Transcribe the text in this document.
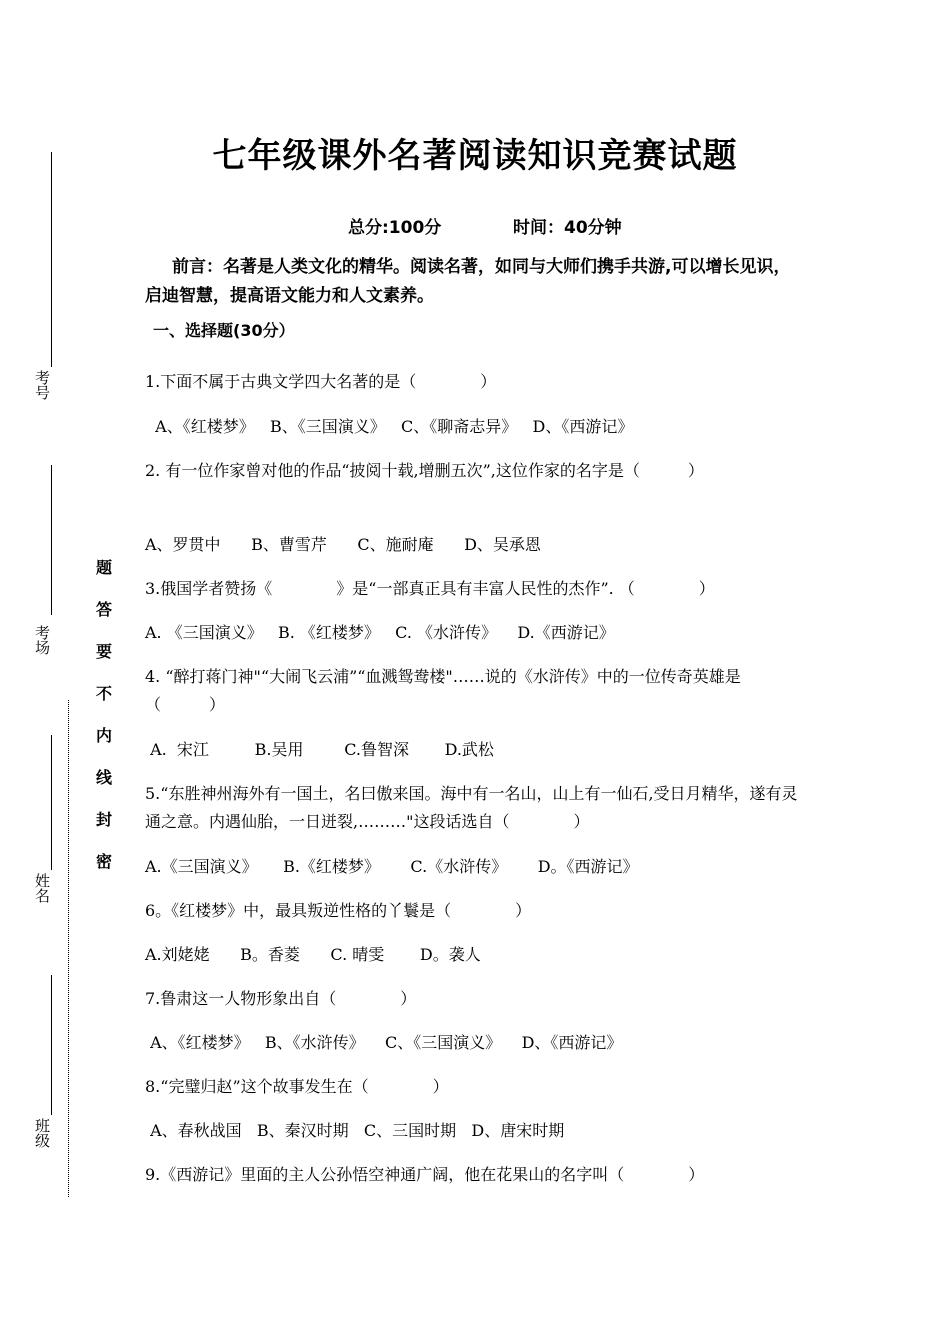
考号
考场
姓名
班级
题
答
要
不
内
线
封
密
七年级课外名著阅读知识竞赛试题
总分:100分	时间：40分钟
前言：名著是人类文化的精华。阅读名著，如同与大师们携手共游,可以增长见识，启迪智慧，提高语文能力和人文素养。
一、选择题(30分）
1.下面不属于古典文学四大名著的是（　　　　）
A、《红楼梦》   B、《三国演义》   C、《聊斋志异》   D、《西游记》
2. 有一位作家曾对他的作品“披阅十载,增删五次”,这位作家的名字是（　　　）
A、罗贯中      B、曹雪芹      C、施耐庵      D、吴承恩
3.俄国学者赞扬《　　　　》是“一部真正具有丰富人民性的杰作”. （　　　　）
A. 《三国演义》   B. 《红楼梦》   C. 《水浒传》    D.《西游记》
4. “醉打蒋门神"“大闹飞云浦”“血溅鸳鸯楼"……说的《水浒传》中的一位传奇英雄是（　　　）
A.  宋江         B.吴用        C.鲁智深       D.武松
5.“东胜神州海外有一国土，名曰傲来国。海中有一名山，山上有一仙石,受日月精华，遂有灵通之意。内遇仙胎，一日迸裂,………"这段话选自（　　　　）
A.《三国演义》     B.《红楼梦》      C.《水浒传》      D。《西游记》
6。《红楼梦》中，最具叛逆性格的丫鬟是（　　　　）
A.刘姥姥      B。香菱      C. 晴雯       D。袭人
7.鲁肃这一人物形象出自（　　　　）
A、《红楼梦》   B、《水浒传》    C、《三国演义》    D、《西游记》
8.“完璧归赵”这个故事发生在（　　　　）
A、春秋战国   B、秦汉时期   C、三国时期   D、唐宋时期
9.《西游记》里面的主人公孙悟空神通广阔，他在花果山的名字叫（　　　　）
